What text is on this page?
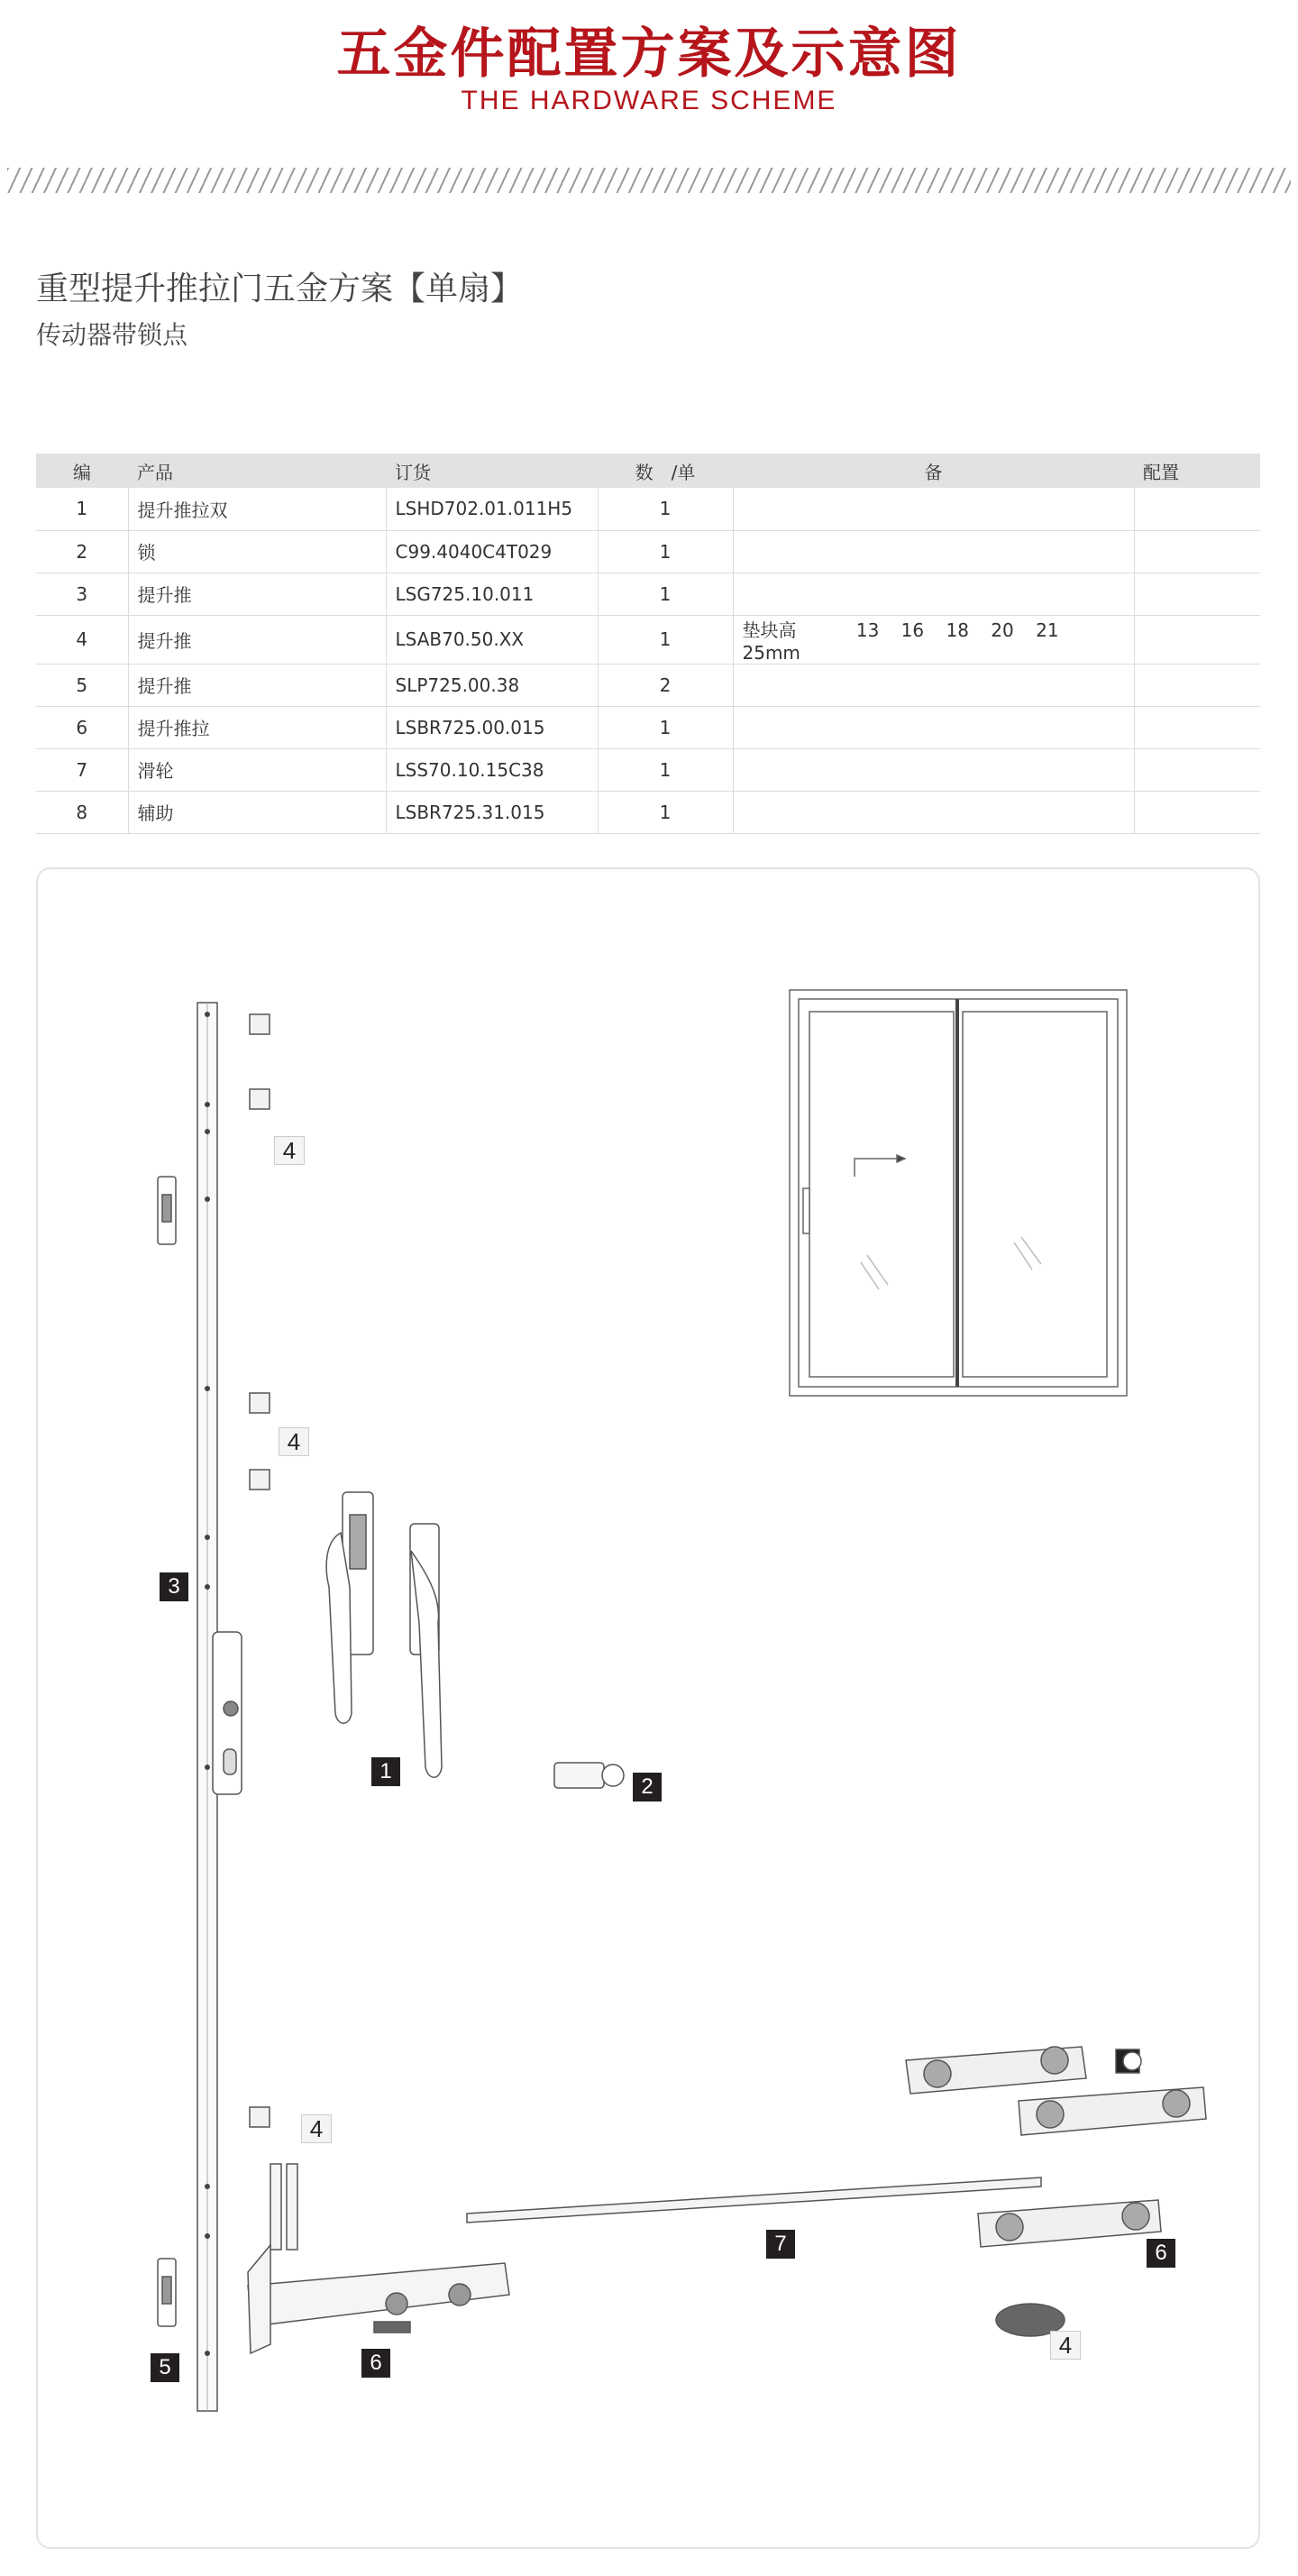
五金件配置方案及示意图
THE HARDWARE SCHEME
重型提升推拉门五金方案【单扇】
传动器带锁点
编	产品	订货	数　/单	备	配置
1	提升推拉双	LSHD702.01.011H5	1		
2	锁	C99.4040C4T029	1		
3	提升推	LSG725.10.011	1		
4	提升推	LSAB70.50.XX	1	垫块高 13 16 18 20 21 25mm	
5	提升推	SLP725.00.38	2		
6	提升推拉	LSBR725.00.015	1		
7	滑轮	LSS70.10.15C38	1		
8	辅助	LSBR725.31.015	1		
3
1
2
5	6
7	6
4
4
4
4
